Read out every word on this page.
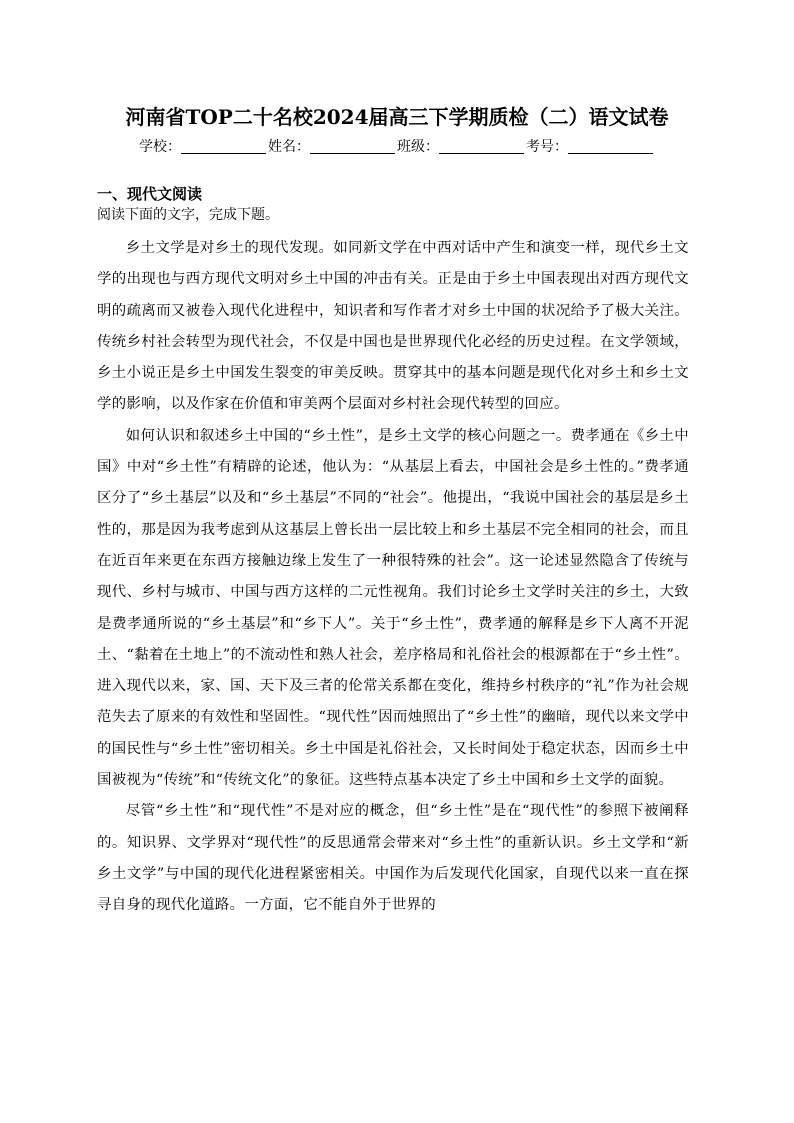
河南省TOP二十名校2024届高三下学期质检（二）语文试卷
学校：	姓名：	班级：	考号：
一、现代文阅读
阅读下面的文字，完成下题。

乡土文学是对乡土的现代发现。如同新文学在中西对话中产生和演变一样，现代乡土文学的出现也与西方现代文明对乡土中国的冲击有关。正是由于乡土中国表现出对西方现代文明的疏离而又被卷入现代化进程中，知识者和写作者才对乡土中国的状况给予了极大关注。传统乡村社会转型为现代社会，不仅是中国也是世界现代化必经的历史过程。在文学领域，乡土小说正是乡土中国发生裂变的审美反映。贯穿其中的基本问题是现代化对乡土和乡土文学的影响，以及作家在价值和审美两个层面对乡村社会现代转型的回应。

如何认识和叙述乡土中国的“乡土性”，是乡土文学的核心问题之一。费孝通在《乡土中国》中对“乡土性”有精辟的论述，他认为：“从基层上看去，中国社会是乡土性的。”费孝通区分了“乡土基层”以及和“乡土基层”不同的“社会”。他提出，“我说中国社会的基层是乡土性的，那是因为我考虑到从这基层上曾长出一层比较上和乡土基层不完全相同的社会，而且在近百年来更在东西方接触边缘上发生了一种很特殊的社会”。这一论述显然隐含了传统与现代、乡村与城市、中国与西方这样的二元性视角。我们讨论乡土文学时关注的乡土，大致是费孝通所说的“乡土基层”和“乡下人”。关于“乡土性”，费孝通的解释是乡下人离不开泥土、“黏着在土地上”的不流动性和熟人社会，差序格局和礼俗社会的根源都在于“乡土性”。进入现代以来，家、国、天下及三者的伦常关系都在变化，维持乡村秩序的“礼”作为社会规范失去了原来的有效性和坚固性。“现代性”因而烛照出了“乡土性”的幽暗，现代以来文学中的国民性与“乡土性”密切相关。乡土中国是礼俗社会，又长时间处于稳定状态，因而乡土中国被视为“传统”和“传统文化”的象征。这些特点基本决定了乡土中国和乡土文学的面貌。

尽管“乡土性”和“现代性”不是对应的概念，但“乡土性”是在“现代性”的参照下被阐释的。知识界、文学界对“现代性”的反思通常会带来对“乡土性”的重新认识。乡土文学和“新乡土文学”与中国的现代化进程紧密相关。中国作为后发现代化国家，自现代以来一直在探寻自身的现代化道路。一方面，它不能自外于世界的
